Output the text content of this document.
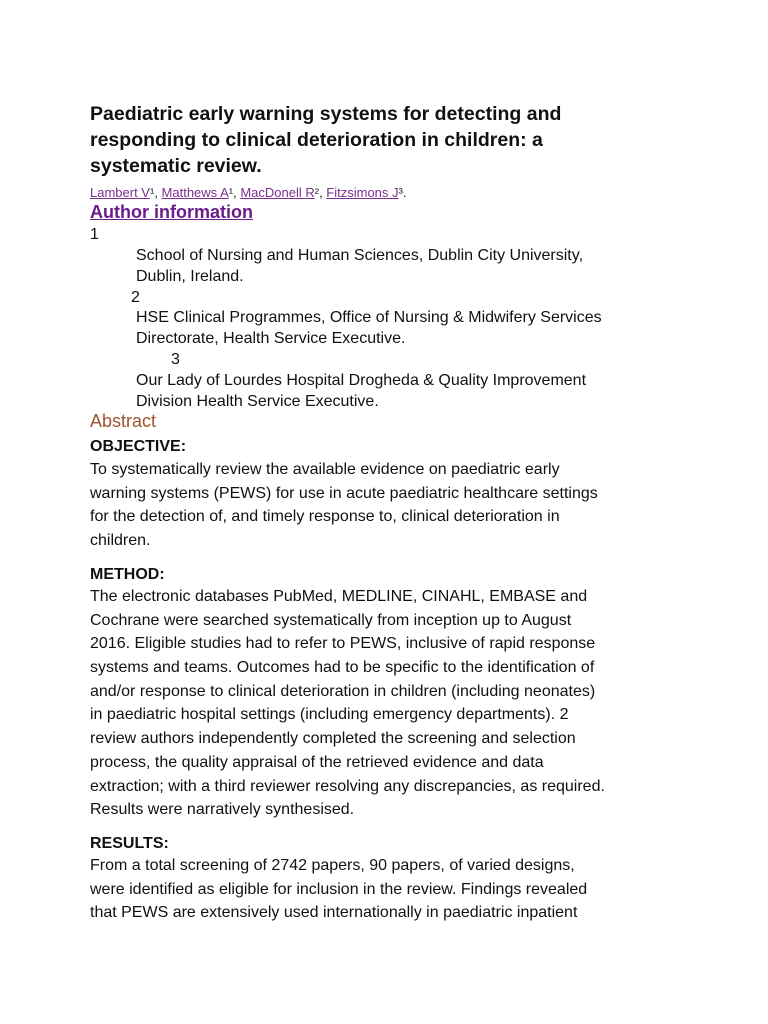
Paediatric early warning systems for detecting and
responding to clinical deterioration in children: a
systematic review.
Lambert V¹, Matthews A¹, MacDonell R², Fitzsimons J³.
Author information
1
School of Nursing and Human Sciences, Dublin City University,
Dublin, Ireland.
2
HSE Clinical Programmes, Office of Nursing & Midwifery Services
Directorate, Health Service Executive.
3
Our Lady of Lourdes Hospital Drogheda & Quality Improvement
Division Health Service Executive.
Abstract
OBJECTIVE:
To systematically review the available evidence on paediatric early
warning systems (PEWS) for use in acute paediatric healthcare settings
for the detection of, and timely response to, clinical deterioration in
children.
METHOD:
The electronic databases PubMed, MEDLINE, CINAHL, EMBASE and
Cochrane were searched systematically from inception up to August
2016. Eligible studies had to refer to PEWS, inclusive of rapid response
systems and teams. Outcomes had to be specific to the identification of
and/or response to clinical deterioration in children (including neonates)
in paediatric hospital settings (including emergency departments). 2
review authors independently completed the screening and selection
process, the quality appraisal of the retrieved evidence and data
extraction; with a third reviewer resolving any discrepancies, as required.
Results were narratively synthesised.
RESULTS:
From a total screening of 2742 papers, 90 papers, of varied designs,
were identified as eligible for inclusion in the review. Findings revealed
that PEWS are extensively used internationally in paediatric inpatient
